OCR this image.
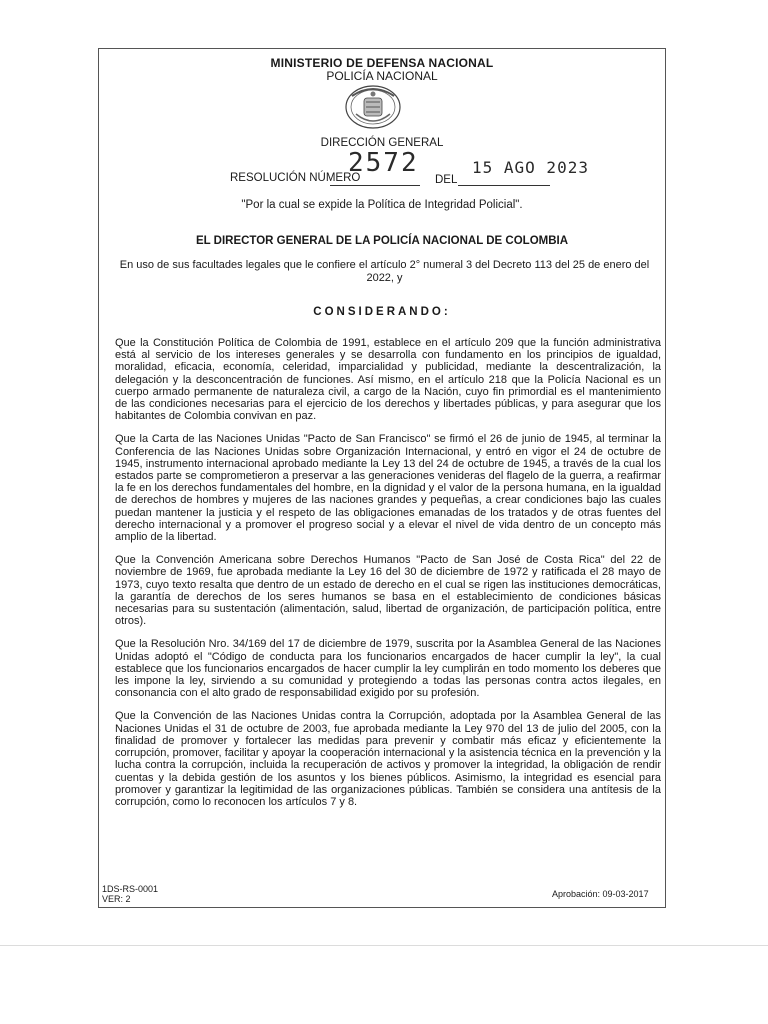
MINISTERIO DE DEFENSA NACIONAL
POLICÍA NACIONAL
DIRECCIÓN GENERAL
RESOLUCIÓN NÚMERO
2572
DEL
15 AGO 2023
"Por la cual se expide la Política de Integridad Policial".
EL DIRECTOR GENERAL DE LA POLICÍA NACIONAL DE COLOMBIA
En uso de sus facultades legales que le confiere el artículo 2° numeral 3 del Decreto 113 del 25 de enero del 2022, y
CONSIDERANDO:

Que la Constitución Política de Colombia de 1991, establece en el artículo 209 que la función administrativa está al servicio de los intereses generales y se desarrolla con fundamento en los principios de igualdad, moralidad, eficacia, economía, celeridad, imparcialidad y publicidad, mediante la descentralización, la delegación y la desconcentración de funciones. Así mismo, en el artículo 218 que la Policía Nacional es un cuerpo armado permanente de naturaleza civil, a cargo de la Nación, cuyo fin primordial es el mantenimiento de las condiciones necesarias para el ejercicio de los derechos y libertades públicas, y para asegurar que los habitantes de Colombia convivan en paz.

Que la Carta de las Naciones Unidas "Pacto de San Francisco" se firmó el 26 de junio de 1945, al terminar la Conferencia de las Naciones Unidas sobre Organización Internacional, y entró en vigor el 24 de octubre de 1945, instrumento internacional aprobado mediante la Ley 13 del 24 de octubre de 1945, a través de la cual los estados parte se comprometieron a preservar a las generaciones venideras del flagelo de la guerra, a reafirmar la fe en los derechos fundamentales del hombre, en la dignidad y el valor de la persona humana, en la igualdad de derechos de hombres y mujeres de las naciones grandes y pequeñas, a crear condiciones bajo las cuales puedan mantener la justicia y el respeto de las obligaciones emanadas de los tratados y de otras fuentes del derecho internacional y a promover el progreso social y a elevar el nivel de vida dentro de un concepto más amplio de la libertad.

Que la Convención Americana sobre Derechos Humanos "Pacto de San José de Costa Rica" del 22 de noviembre de 1969, fue aprobada mediante la Ley 16 del 30 de diciembre de 1972 y ratificada el 28 mayo de 1973, cuyo texto resalta que dentro de un estado de derecho en el cual se rigen las instituciones democráticas, la garantía de derechos de los seres humanos se basa en el establecimiento de condiciones básicas necesarias para su sustentación (alimentación, salud, libertad de organización, de participación política, entre otros).

Que la Resolución Nro. 34/169 del 17 de diciembre de 1979, suscrita por la Asamblea General de las Naciones Unidas adoptó el "Código de conducta para los funcionarios encargados de hacer cumplir la ley", la cual establece que los funcionarios encargados de hacer cumplir la ley cumplirán en todo momento los deberes que les impone la ley, sirviendo a su comunidad y protegiendo a todas las personas contra actos ilegales, en consonancia con el alto grado de responsabilidad exigido por su profesión.

Que la Convención de las Naciones Unidas contra la Corrupción, adoptada por la Asamblea General de las Naciones Unidas el 31 de octubre de 2003, fue aprobada mediante la Ley 970 del 13 de julio del 2005, con la finalidad de promover y fortalecer las medidas para prevenir y combatir más eficaz y eficientemente la corrupción, promover, facilitar y apoyar la cooperación internacional y la asistencia técnica en la prevención y la lucha contra la corrupción, incluida la recuperación de activos y promover la integridad, la obligación de rendir cuentas y la debida gestión de los asuntos y los bienes públicos. Asimismo, la integridad es esencial para promover y garantizar la legitimidad de las organizaciones públicas. También se considera una antítesis de la corrupción, como lo reconocen los artículos 7 y 8.

1DS-RS-0001
VER: 2	Aprobación: 09-03-2017
